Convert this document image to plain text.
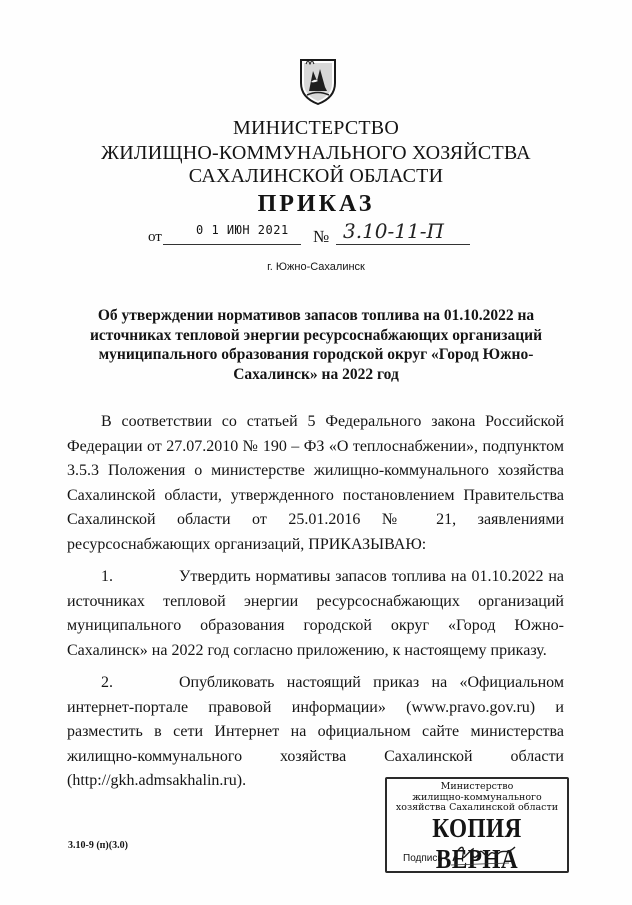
МИНИСТЕРСТВО
ЖИЛИЩНО-КОММУНАЛЬНОГО ХОЗЯЙСТВА
САХАЛИНСКОЙ ОБЛАСТИ
ПРИКАЗ
от	0 1 ИЮН 2021 № 3.10-11-П
г. Южно-Сахалинск
Об утверждении нормативов запасов топлива на 01.10.2022 на источниках тепловой энергии ресурсоснабжающих организаций муниципального образования городской округ «Город Южно-Сахалинск» на 2022 год
В соответствии со статьей 5 Федерального закона Российской Федерации от 27.07.2010 № 190 – ФЗ «О теплоснабжении», подпунктом 3.5.3 Положения о министерстве жилищно-коммунального хозяйства Сахалинской области, утвержденного постановлением Правительства Сахалинской области от 25.01.2016 № 21, заявлениями ресурсоснабжающих организаций, ПРИКАЗЫВАЮ:
1.	Утвердить нормативы запасов топлива на 01.10.2022 на источниках тепловой энергии ресурсоснабжающих организаций муниципального образования городской округ «Город Южно-Сахалинск» на 2022 год согласно приложению, к настоящему приказу.
2.	Опубликовать настоящий приказ на «Официальном интернет-портале правовой информации» (www.pravo.gov.ru) и разместить в сети Интернет на официальном сайте министерства жилищно-коммунального хозяйства Сахалинской области (http://gkh.admsakhalin.ru).	Министерство
жилищно-коммунального
хозяйства Сахалинской области
КОПИЯ ВЕРНА
Подпись
3.10-9 (п)(3.0)
